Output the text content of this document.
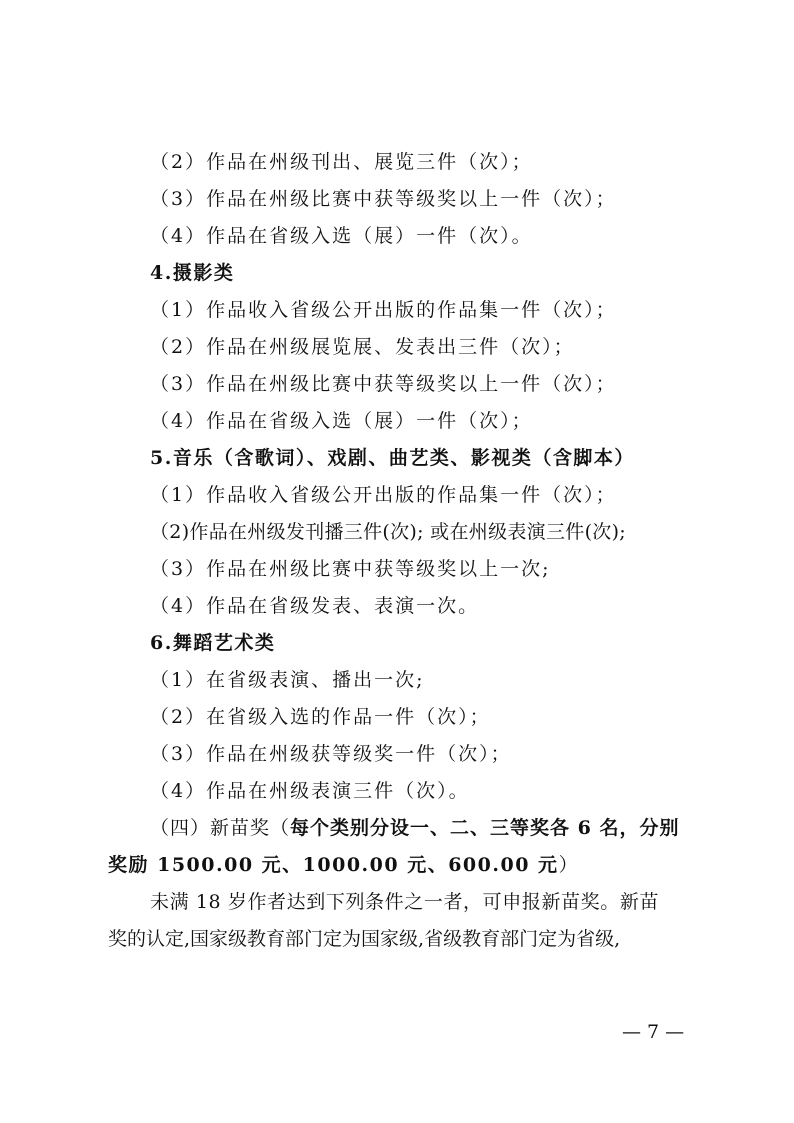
（2）作品在州级刊出、展览三件（次）；
（3）作品在州级比赛中获等级奖以上一件（次）；
（4）作品在省级入选（展）一件（次）。
4.摄影类
（1）作品收入省级公开出版的作品集一件（次）；
（2）作品在州级展览展、发表出三件（次）；
（3）作品在州级比赛中获等级奖以上一件（次）；
（4）作品在省级入选（展）一件（次）；
5.音乐（含歌词）、戏剧、曲艺类、影视类（含脚本）
（1）作品收入省级公开出版的作品集一件（次）；
（2)作品在州级发刊播三件(次); 或在州级表演三件(次);
（3）作品在州级比赛中获等级奖以上一次;
（4）作品在省级发表、表演一次。
6.舞蹈艺术类
（1）在省级表演、播出一次;
（2）在省级入选的作品一件（次）；
（3）作品在州级获等级奖一件（次）；
（4）作品在州级表演三件（次）。
（四）新苗奖（每个类别分设一、二、三等奖各 6 名，分别
奖励 1500.00 元、1000.00 元、600.00 元）
未满 18 岁作者达到下列条件之一者，可申报新苗奖。新苗
奖的认定,国家级教育部门定为国家级,省级教育部门定为省级,
— 7 —
